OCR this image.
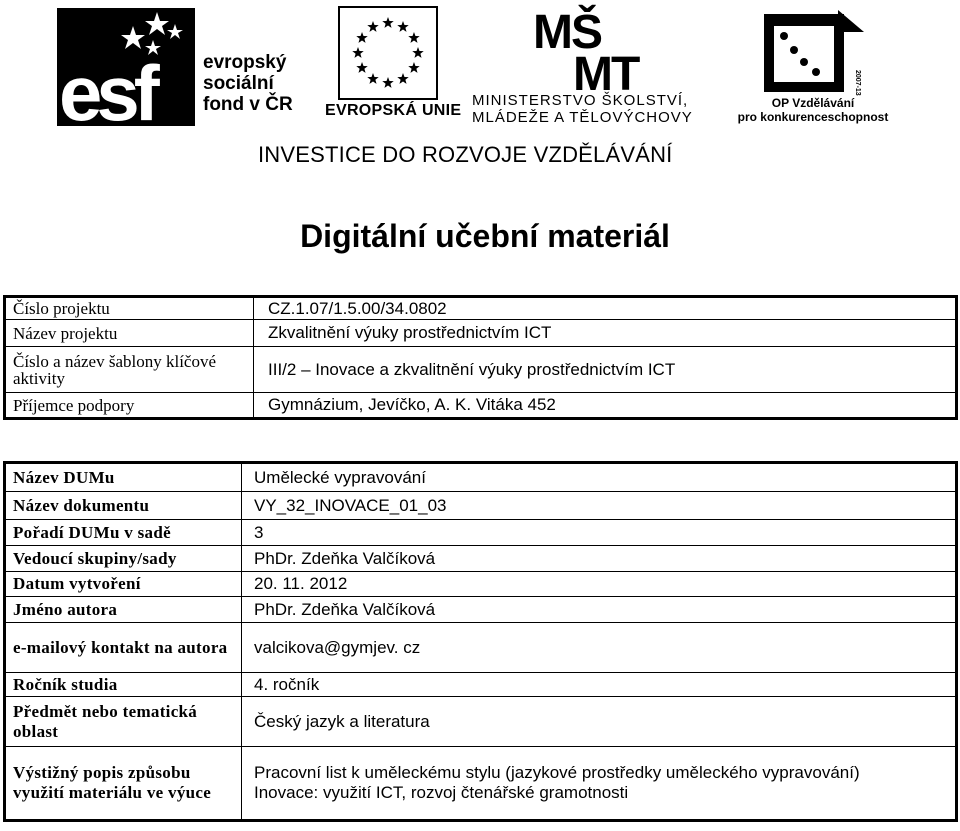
esf	evropský
sociální
fond v ČR EVROPSKÁ UNIE
MŠ
MT
MINISTERSTVO ŠKOLSTVÍ,
MLÁDEŽE A TĚLOVÝCHOVY
2007-13
OP Vzdělávání
pro konkurenceschopnost
INVESTICE DO ROZVOJE VZDĚLÁVÁNÍ
Digitální učební materiál
Číslo projektu	CZ.1.07/1.5.00/34.0802
Název projektu	Zkvalitnění výuky prostřednictvím ICT
Číslo a název šablony klíčové aktivity	III/2 – Inovace a zkvalitnění výuky prostřednictvím ICT
Příjemce podpory	Gymnázium, Jevíčko, A. K. Vitáka 452
Název DUMu	Umělecké vypravování
Název dokumentu	VY_32_INOVACE_01_03
Pořadí DUMu v sadě	3
Vedoucí skupiny/sady	PhDr. Zdeňka Valčíková
Datum vytvoření	20. 11. 2012
Jméno autora	PhDr. Zdeňka Valčíková
e-mailový kontakt na autora	valcikova@gymjev. cz
Ročník studia	4. ročník
Předmět nebo tematická oblast	Český jazyk a literatura
Výstižný popis způsobu využití materiálu ve výuce	Pracovní list k uměleckému stylu (jazykové prostředky uměleckého vypravování)
Inovace: využití ICT, rozvoj čtenářské gramotnosti
